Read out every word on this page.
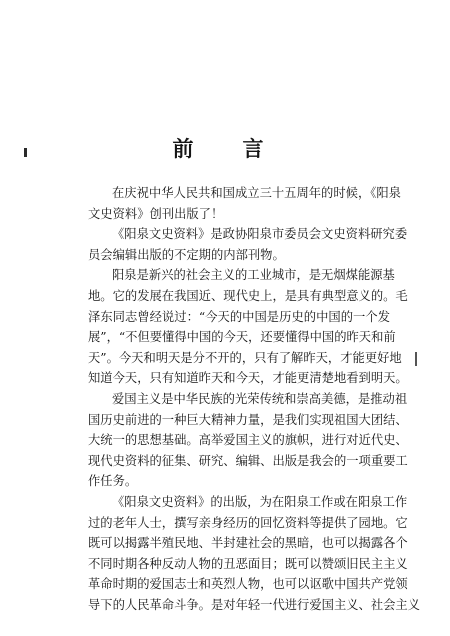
前　言
在庆祝中华人民共和国成立三十五周年的时候，《阳泉
文史资料》创刊出版了！
《阳泉文史资料》是政协阳泉市委员会文史资料研究委
员会编辑出版的不定期的内部刊物。
阳泉是新兴的社会主义的工业城市，是无烟煤能源基
地。它的发展在我国近、现代史上，是具有典型意义的。毛
泽东同志曾经说过：“今天的中国是历史的中国的一个发
展”，“不但要懂得中国的今天，还要懂得中国的昨天和前
天”。今天和明天是分不开的，只有了解昨天，才能更好地
知道今天，只有知道昨天和今天，才能更清楚地看到明天。
爱国主义是中华民族的光荣传统和崇高美德，是推动祖
国历史前进的一种巨大精神力量，是我们实现祖国大团结、
大统一的思想基础。高举爱国主义的旗帜，进行对近代史、
现代史资料的征集、研究、编辑、出版是我会的一项重要工
作任务。
《阳泉文史资料》的出版，为在阳泉工作或在阳泉工作
过的老年人士，撰写亲身经历的回忆资料等提供了园地。它
既可以揭露半殖民地、半封建社会的黑暗，也可以揭露各个
不同时期各种反动人物的丑恶面目；既可以赞颂旧民主主义
革命时期的爱国志士和英烈人物，也可以讴歌中国共产党领
导下的人民革命斗争。是对年轻一代进行爱国主义、社会主义
